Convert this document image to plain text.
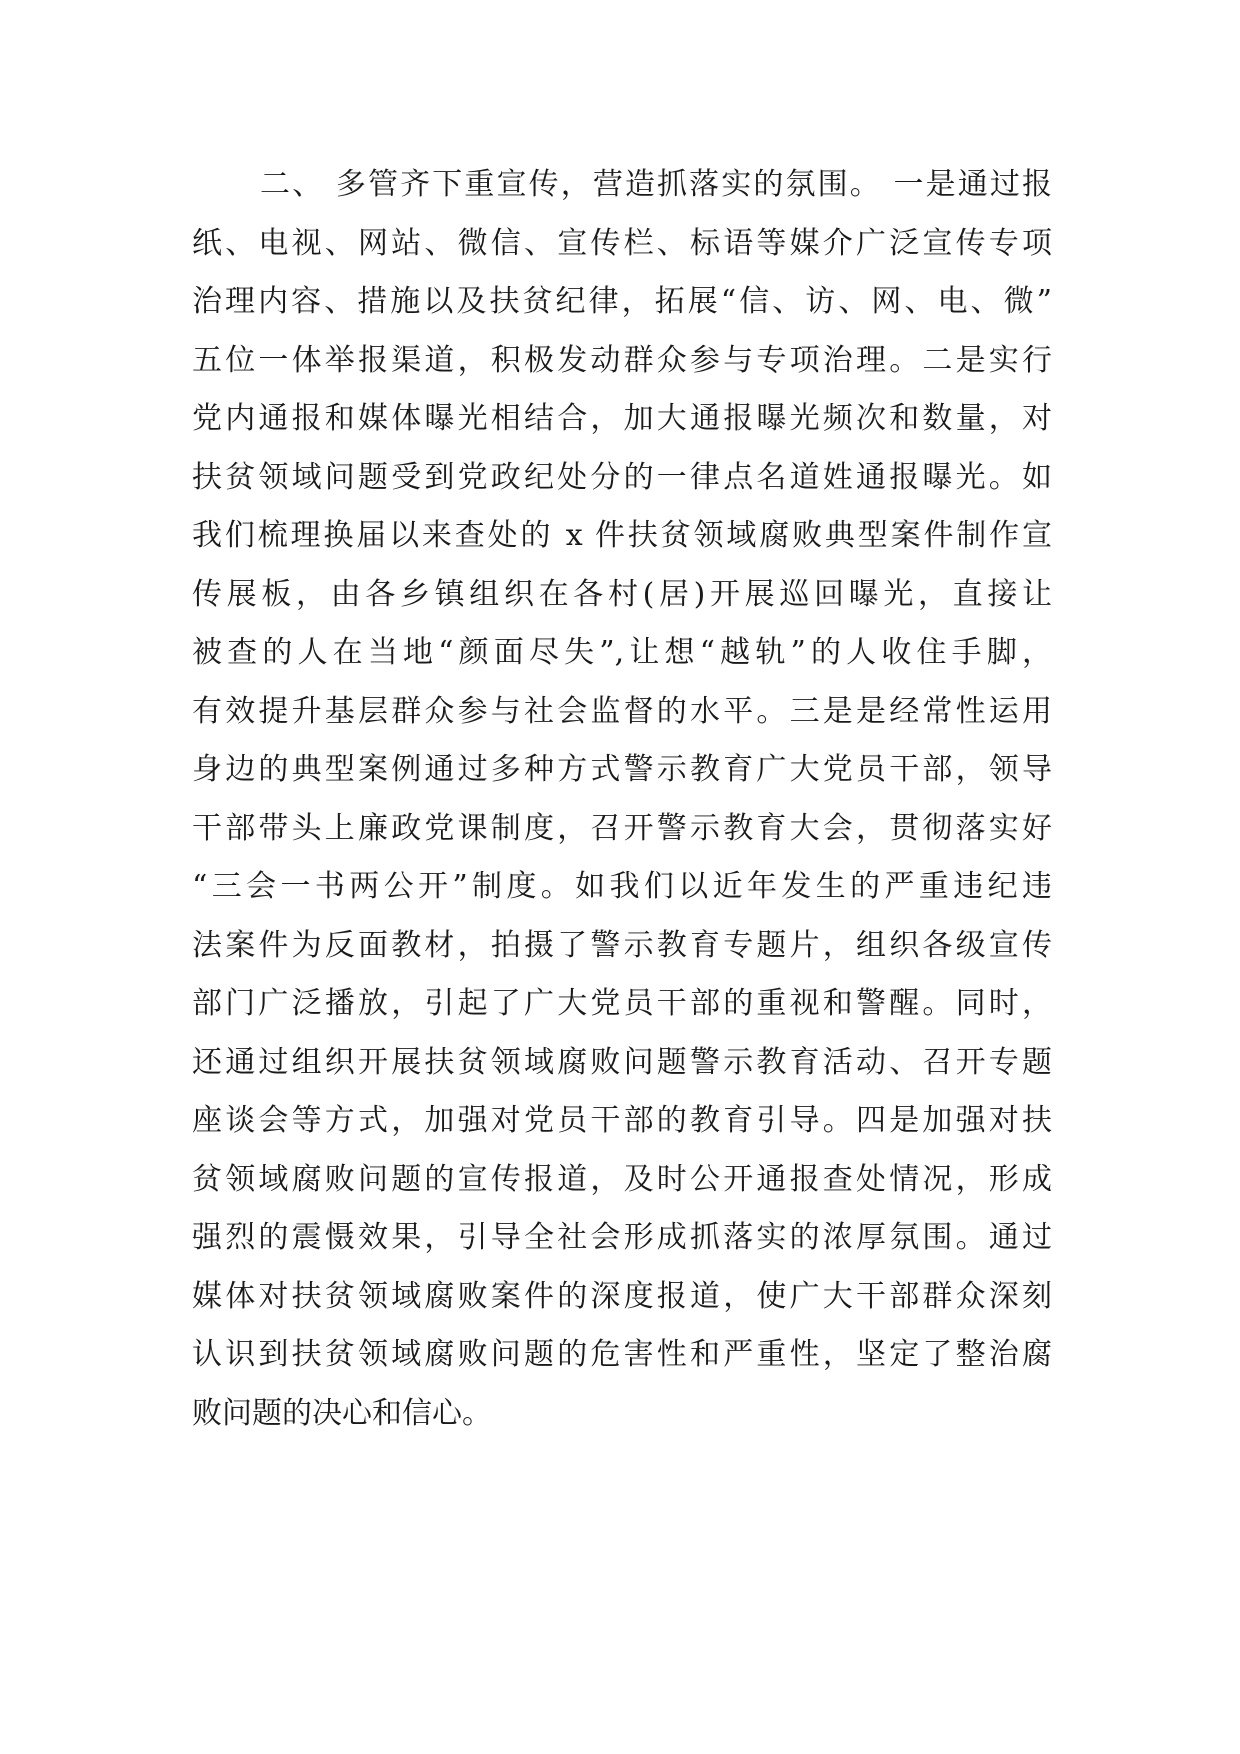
二、 多管齐下重宣传，营造抓落实的氛围。 一是通过报
纸、电视、网站、微信、宣传栏、标语等媒介广泛宣传专项
治理内容、措施以及扶贫纪律，拓展“信、访、网、电、微”
五位一体举报渠道，积极发动群众参与专项治理。二是实行
党内通报和媒体曝光相结合，加大通报曝光频次和数量，对
扶贫领域问题受到党政纪处分的一律点名道姓通报曝光。如
我们梳理换届以来查处的 x 件扶贫领域腐败典型案件制作宣
传展板，由各乡镇组织在各村(居)开展巡回曝光，直接让
被查的人在当地“颜面尽失”,让想“越轨”的人收住手脚，
有效提升基层群众参与社会监督的水平。三是是经常性运用
身边的典型案例通过多种方式警示教育广大党员干部，领导
干部带头上廉政党课制度，召开警示教育大会，贯彻落实好
“三会一书两公开”制度。如我们以近年发生的严重违纪违
法案件为反面教材，拍摄了警示教育专题片，组织各级宣传
部门广泛播放，引起了广大党员干部的重视和警醒。同时，
还通过组织开展扶贫领域腐败问题警示教育活动、召开专题
座谈会等方式，加强对党员干部的教育引导。四是加强对扶
贫领域腐败问题的宣传报道，及时公开通报查处情况，形成
强烈的震慑效果，引导全社会形成抓落实的浓厚氛围。通过
媒体对扶贫领域腐败案件的深度报道，使广大干部群众深刻
认识到扶贫领域腐败问题的危害性和严重性，坚定了整治腐
败问题的决心和信心。
